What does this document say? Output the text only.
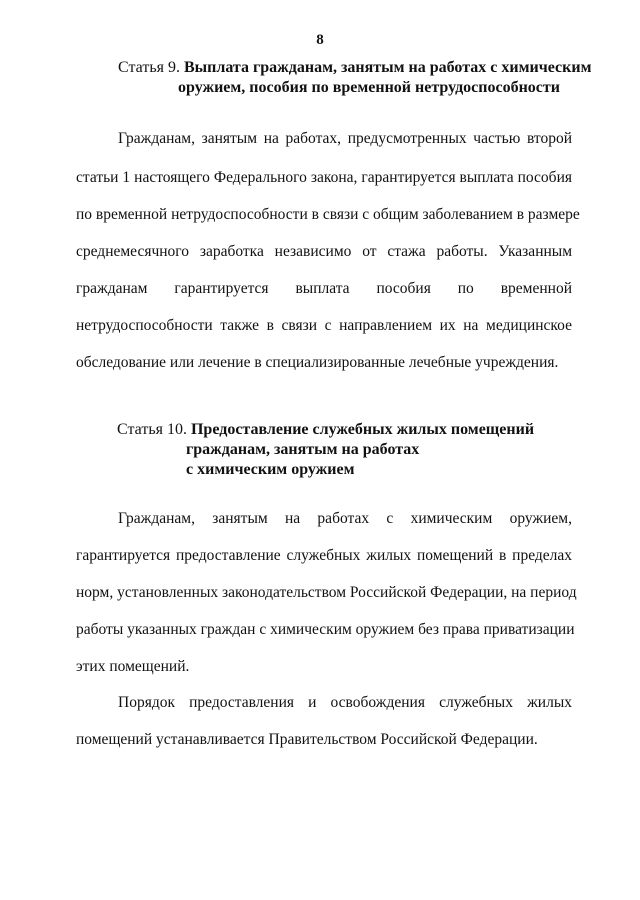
8
Статья 9. Выплата гражданам, занятым на работах с химическим
оружием, пособия по временной нетрудоспособности
Гражданам, занятым на работах, предусмотренных частью второй
статьи 1 настоящего Федерального закона, гарантируется выплата пособия
по временной нетрудоспособности в связи с общим заболеванием в размере
среднемесячного заработка независимо от стажа работы. Указанным
гражданам гарантируется выплата пособия по временной
нетрудоспособности также в связи с направлением их на медицинское
обследование или лечение в специализированные лечебные учреждения.
Статья 10. Предоставление служебных жилых помещений
гражданам, занятым на работах
с химическим оружием
Гражданам, занятым на работах с химическим оружием,
гарантируется предоставление служебных жилых помещений в пределах
норм, установленных законодательством Российской Федерации, на период
работы указанных граждан с химическим оружием без права приватизации
этих помещений.
Порядок предоставления и освобождения служебных жилых
помещений устанавливается Правительством Российской Федерации.
